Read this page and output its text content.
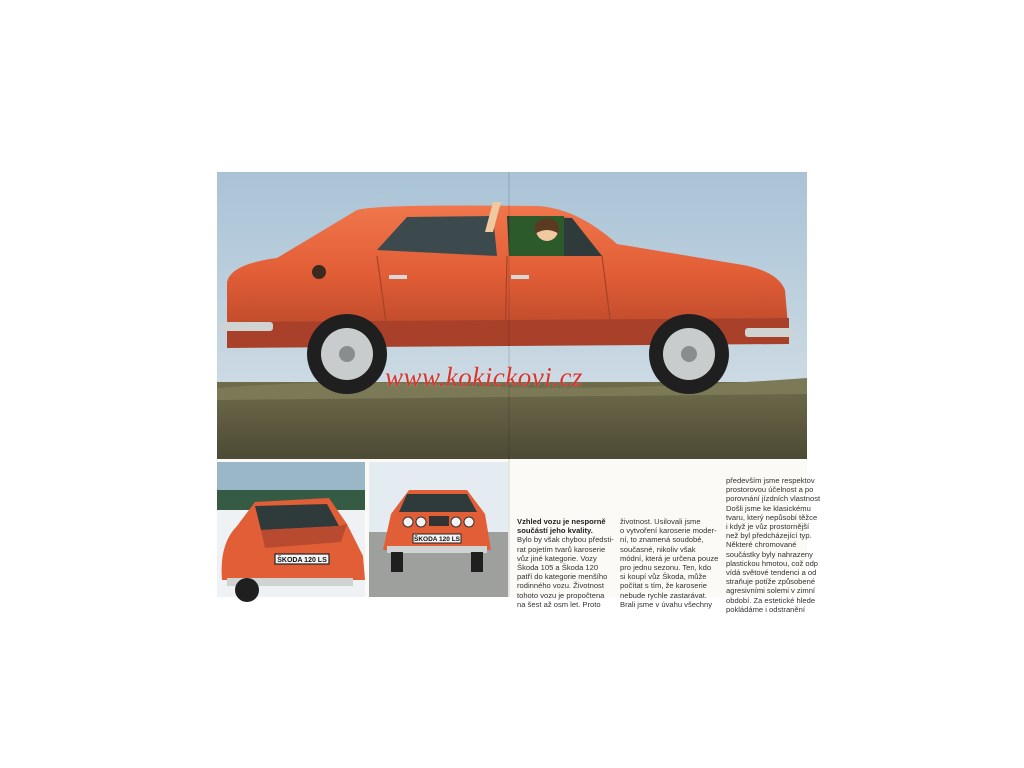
www.kokickovi.cz
ŠKODA 120 LS
ŠKODA 120 LS

Vzhled vozu je nesporně

součástí jeho kvality.

Bylo by však chybou předsti-

rat pojetím tvarů karoserie

vůz jiné kategorie. Vozy

Škoda 105 a Škoda 120

patří do kategorie menšího

rodinného vozu. Životnost

tohoto vozu je propočtena

na šest až osm let. Proto

životnost. Usilovali jsme

o vytvoření karoserie moder-

ní, to znamená soudobé,

současné, nikoliv však

módní, která je určena pouze

pro jednu sezonu. Ten, kdo

si koupí vůz Škoda, může

počítat s tím, že karoserie

nebude rychle zastarávat.

Brali jsme v úvahu všechny

především jsme respektov

prostorovou účelnost a po

porovnání jízdních vlastnost

Došli jsme ke klasickému

tvaru, který nepůsobí těžce

i když je vůz prostornější

než byl předcházející typ.

Některé chromované

součástky byly nahrazeny

plastickou hmotou, což odp

vídá světové tendenci a od

straňuje potíže způsobené

agresivními solemi v zimní

období. Za estetické hlede

pokládáme i odstranění
